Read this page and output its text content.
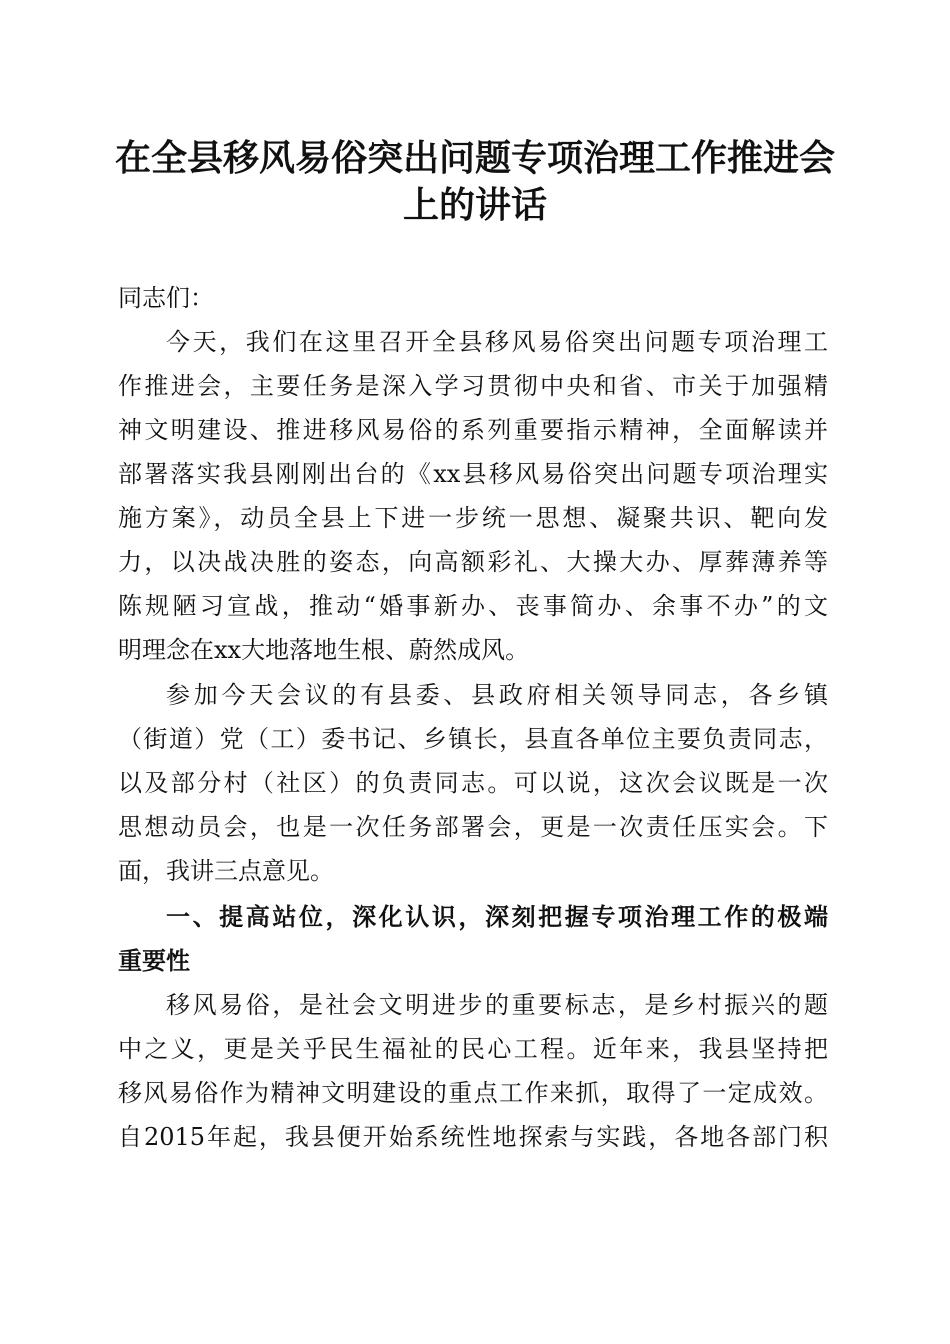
在全县移风易俗突出问题专项治理工作推进会
上的讲话
同志们：
今天，我们在这里召开全县移风易俗突出问题专项治理工
作推进会，主要任务是深入学习贯彻中央和省、市关于加强精
神文明建设、推进移风易俗的系列重要指示精神，全面解读并
部署落实我县刚刚出台的《xx县移风易俗突出问题专项治理实
施方案》，动员全县上下进一步统一思想、凝聚共识、靶向发
力，以决战决胜的姿态，向高额彩礼、大操大办、厚葬薄养等
陈规陋习宣战，推动“婚事新办、丧事简办、余事不办”的文
明理念在xx大地落地生根、蔚然成风。
参加今天会议的有县委、县政府相关领导同志，各乡镇
（街道）党（工）委书记、乡镇长，县直各单位主要负责同志，
以及部分村（社区）的负责同志。可以说，这次会议既是一次
思想动员会，也是一次任务部署会，更是一次责任压实会。下
面，我讲三点意见。
一、提高站位，深化认识，深刻把握专项治理工作的极端
重要性
移风易俗，是社会文明进步的重要标志，是乡村振兴的题
中之义，更是关乎民生福祉的民心工程。近年来，我县坚持把
移风易俗作为精神文明建设的重点工作来抓，取得了一定成效。
自2015年起，我县便开始系统性地探索与实践，各地各部门积
